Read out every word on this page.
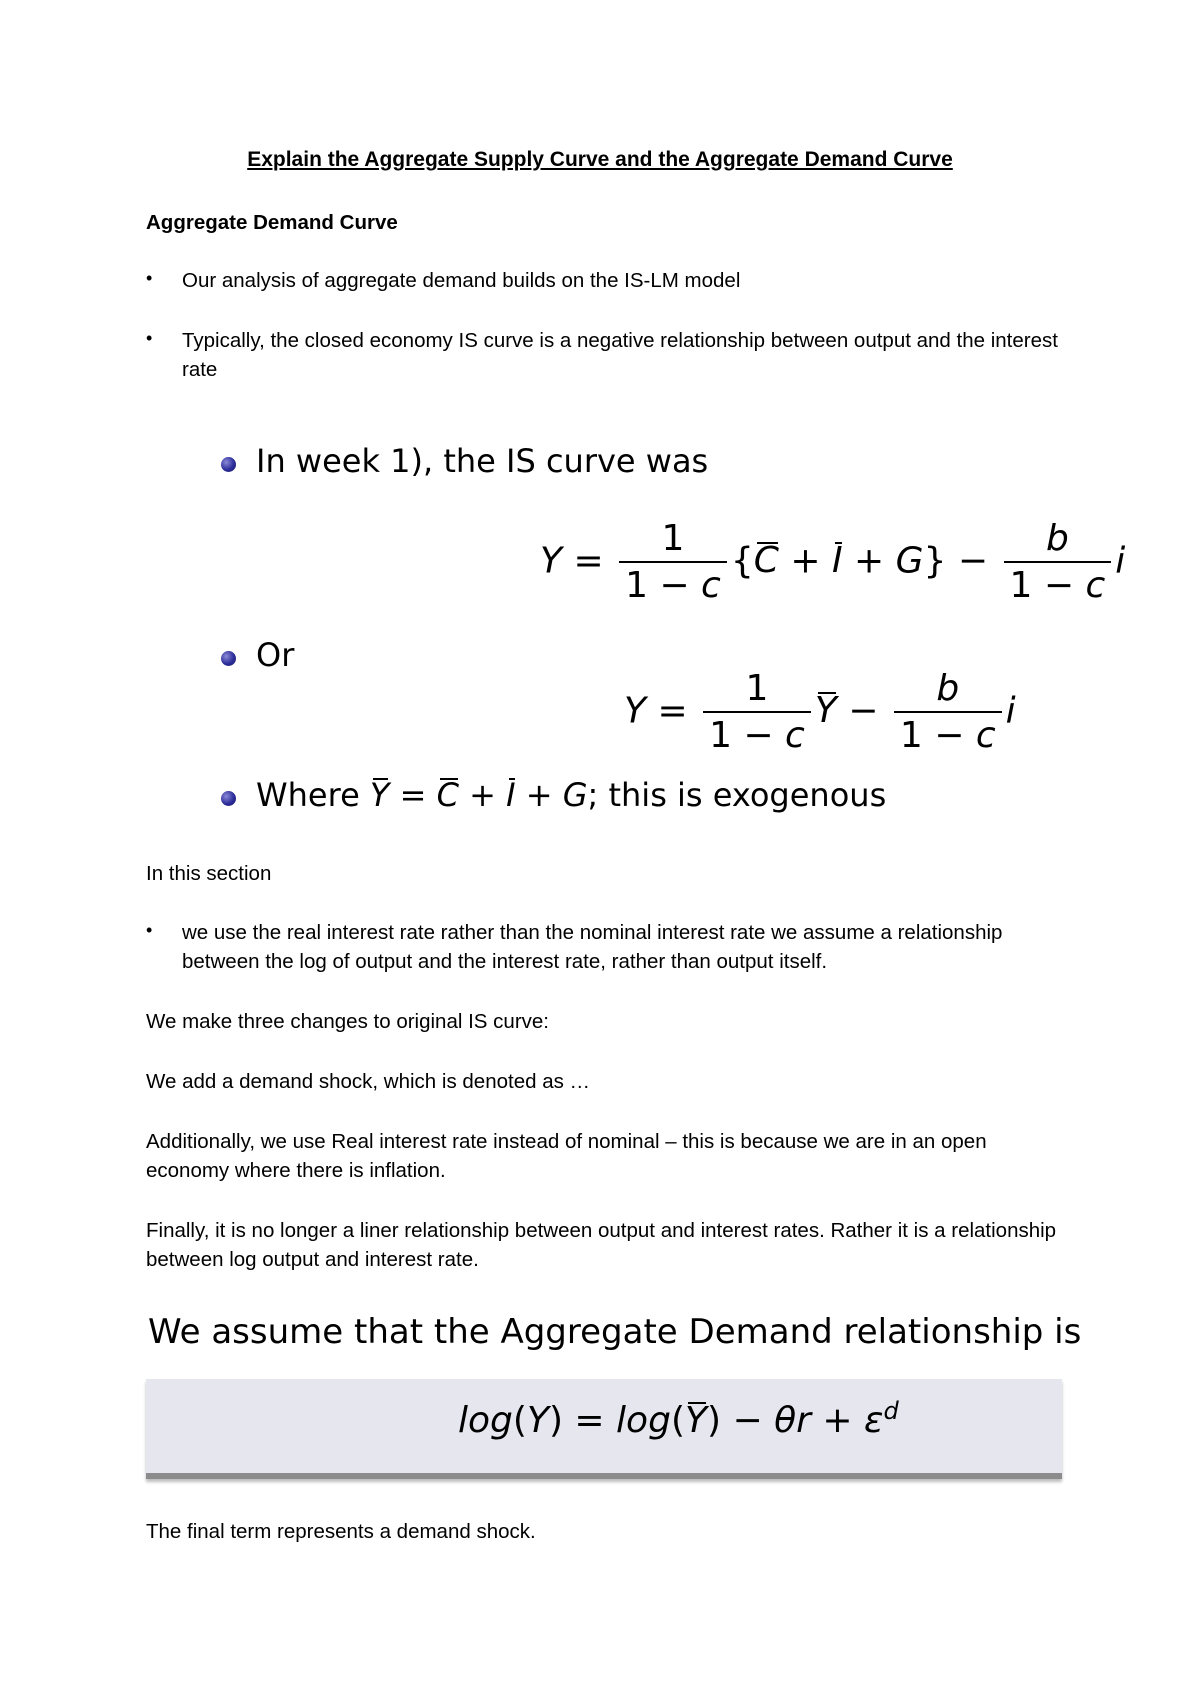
Explain the Aggregate Supply Curve and the Aggregate Demand Curve
Aggregate Demand Curve
• Our analysis of aggregate demand builds on the IS-LM model
• Typically, the closed economy IS curve is a negative relationship between output and the interest rate
In week 1), the IS curve was
$Y = \frac{1}{1 - c} \{C + I + G\} - \frac{b}{1 - c}$ i
Or
$Y = \frac{1}{1 - c}$ $Y - \frac{b}{1 - c}$ i
Where Y = C + I + G; this is exogenous
In this section
• we use the real interest rate rather than the nominal interest rate we assume a relationship between the log of output and the interest rate, rather than output itself.
We make three changes to original IS curve:
We add a demand shock, which is denoted as …
Additionally, we use Real interest rate instead of nominal – this is because we are in an open economy where there is inflation.
Finally, it is no longer a liner relationship between output and interest rates. Rather it is a relationship between log output and interest rate.
We assume that the Aggregate Demand relationship is
$\log(Y) = \log(Y) - \theta r + \varepsilon^d$
The final term represents a demand shock.
